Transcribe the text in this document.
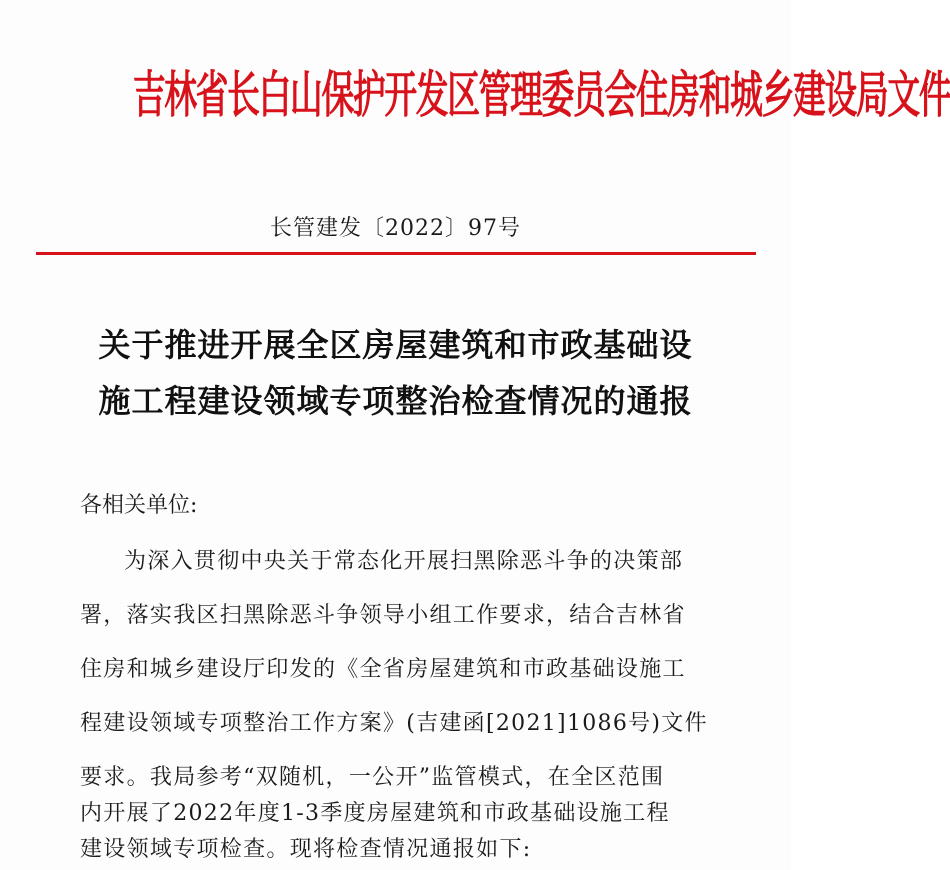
吉林省长白山保护开发区管理委员会住房和城乡建设局文件
长管建发〔2022〕97号
关于推进开展全区房屋建筑和市政基础设
施工程建设领域专项整治检查情况的通报
各相关单位:
为深入贯彻中央关于常态化开展扫黑除恶斗争的决策部
署，落实我区扫黑除恶斗争领导小组工作要求，结合吉林省
住房和城乡建设厅印发的《全省房屋建筑和市政基础设施工
程建设领域专项整治工作方案》(吉建函[2021]1086号)文件
要求。我局参考“双随机，一公开”监管模式，在全区范围
内开展了2022年度1-3季度房屋建筑和市政基础设施工程
建设领域专项检查。现将检查情况通报如下:
